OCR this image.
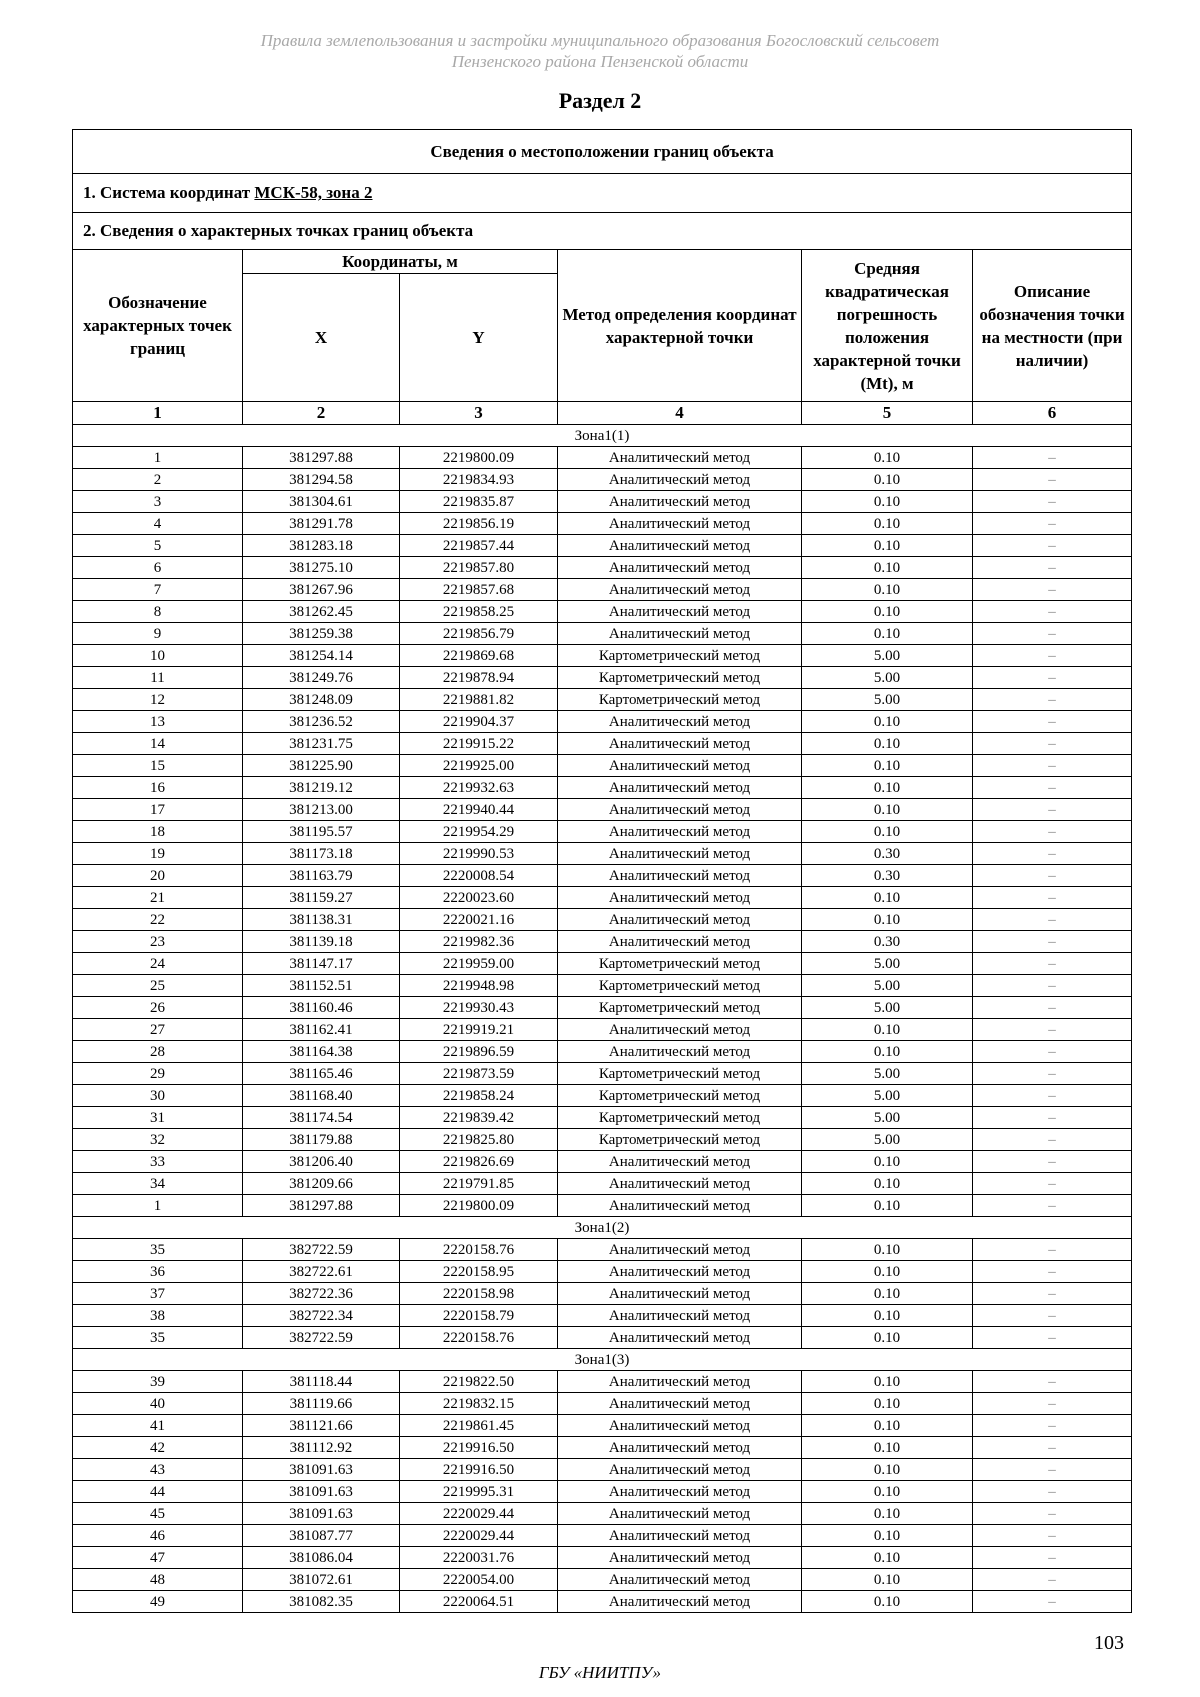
Правила землепользования и застройки муниципального образования Богословский сельсовет
Пензенского района Пензенской области
Раздел 2
Сведения о местоположении границ объекта					
1. Система координат МСК-58, зона 2					
2. Сведения о характерных точках границ объекта					
Обозначение характерных точек границ	Координаты, м		Метод определения координат характерной точки	Средняя квадратическая погрешность положения характерной точки (Mt), м	Описание обозначения точки на местности (при наличии)
	X	Y			
1	2	3	4	5	6
Зона1(1)					
1	381297.88	2219800.09	Аналитический метод	0.10	–
2	381294.58	2219834.93	Аналитический метод	0.10	–
3	381304.61	2219835.87	Аналитический метод	0.10	–
4	381291.78	2219856.19	Аналитический метод	0.10	–
5	381283.18	2219857.44	Аналитический метод	0.10	–
6	381275.10	2219857.80	Аналитический метод	0.10	–
7	381267.96	2219857.68	Аналитический метод	0.10	–
8	381262.45	2219858.25	Аналитический метод	0.10	–
9	381259.38	2219856.79	Аналитический метод	0.10	–
10	381254.14	2219869.68	Картометрический метод	5.00	–
11	381249.76	2219878.94	Картометрический метод	5.00	–
12	381248.09	2219881.82	Картометрический метод	5.00	–
13	381236.52	2219904.37	Аналитический метод	0.10	–
14	381231.75	2219915.22	Аналитический метод	0.10	–
15	381225.90	2219925.00	Аналитический метод	0.10	–
16	381219.12	2219932.63	Аналитический метод	0.10	–
17	381213.00	2219940.44	Аналитический метод	0.10	–
18	381195.57	2219954.29	Аналитический метод	0.10	–
19	381173.18	2219990.53	Аналитический метод	0.30	–
20	381163.79	2220008.54	Аналитический метод	0.30	–
21	381159.27	2220023.60	Аналитический метод	0.10	–
22	381138.31	2220021.16	Аналитический метод	0.10	–
23	381139.18	2219982.36	Аналитический метод	0.30	–
24	381147.17	2219959.00	Картометрический метод	5.00	–
25	381152.51	2219948.98	Картометрический метод	5.00	–
26	381160.46	2219930.43	Картометрический метод	5.00	–
27	381162.41	2219919.21	Аналитический метод	0.10	–
28	381164.38	2219896.59	Аналитический метод	0.10	–
29	381165.46	2219873.59	Картометрический метод	5.00	–
30	381168.40	2219858.24	Картометрический метод	5.00	–
31	381174.54	2219839.42	Картометрический метод	5.00	–
32	381179.88	2219825.80	Картометрический метод	5.00	–
33	381206.40	2219826.69	Аналитический метод	0.10	–
34	381209.66	2219791.85	Аналитический метод	0.10	–
1	381297.88	2219800.09	Аналитический метод	0.10	–
Зона1(2)					
35	382722.59	2220158.76	Аналитический метод	0.10	–
36	382722.61	2220158.95	Аналитический метод	0.10	–
37	382722.36	2220158.98	Аналитический метод	0.10	–
38	382722.34	2220158.79	Аналитический метод	0.10	–
35	382722.59	2220158.76	Аналитический метод	0.10	–
Зона1(3)					
39	381118.44	2219822.50	Аналитический метод	0.10	–
40	381119.66	2219832.15	Аналитический метод	0.10	–
41	381121.66	2219861.45	Аналитический метод	0.10	–
42	381112.92	2219916.50	Аналитический метод	0.10	–
43	381091.63	2219916.50	Аналитический метод	0.10	–
44	381091.63	2219995.31	Аналитический метод	0.10	–
45	381091.63	2220029.44	Аналитический метод	0.10	–
46	381087.77	2220029.44	Аналитический метод	0.10	–
47	381086.04	2220031.76	Аналитический метод	0.10	–
48	381072.61	2220054.00	Аналитический метод	0.10	–
49	381082.35	2220064.51	Аналитический метод	0.10	–
103
ГБУ «НИИТПУ»
